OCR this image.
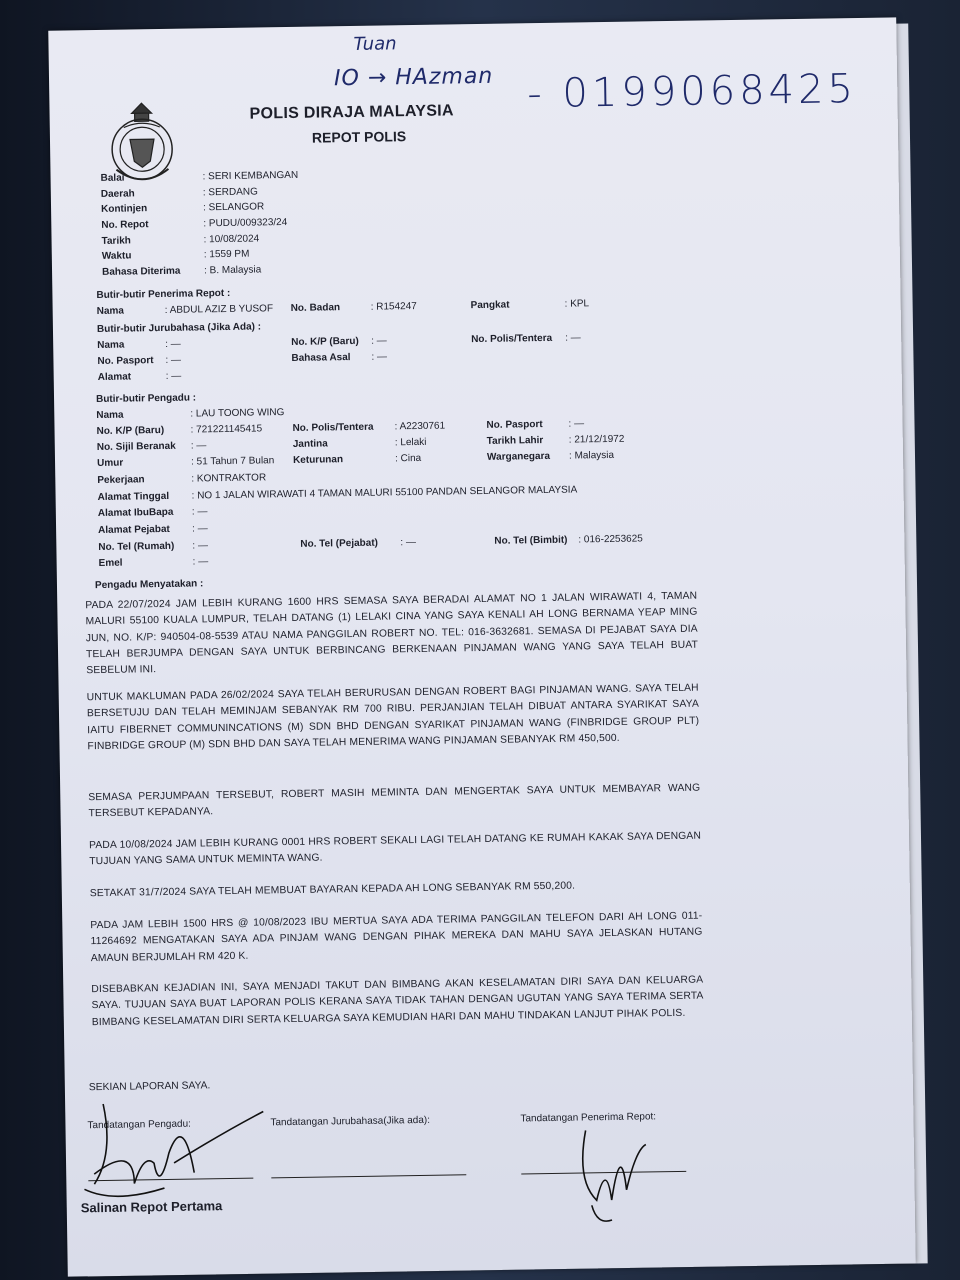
Tuan
IO → HAzman - 0199068425
POLIS DIRAJA MALAYSIA
REPOT POLIS
Balai	: SERI KEMBANGAN
Daerah	: SERDANG
Kontinjen	: SELANGOR
No. Repot	: PUDU/009323/24
Tarikh	: 10/08/2024
Waktu	: 1559 PM
Bahasa Diterima : B. Malaysia
Butir-butir Penerima Repot :
Nama	: ABDUL AZIZ B YUSOF No. Badan	: R154247	Pangkat	: KPL
Butir-butir Jurubahasa (Jika Ada) :
Nama	: —	No. K/P (Baru) : —	No. Polis/Tentera : —
No. Pasport : —	Bahasa Asal : —
Alamat	: —
Butir-butir Pengadu :
Nama	: LAU TOONG WING
No. K/P (Baru)	: 721221145415	No. Polis/Tentera : A2230761	No. Pasport	: —
No. Sijil Beranak : —	Jantina	: Lelaki	Tarikh Lahir	: 21/12/1972
Umur	: 51 Tahun 7 Bulan Keturunan	: Cina	Warganegara : Malaysia
Pekerjaan	: KONTRAKTOR
Alamat Tinggal : NO 1 JALAN WIRAWATI 4 TAMAN MALURI 55100 PANDAN SELANGOR MALAYSIA
Alamat IbuBapa : —
Alamat Pejabat : —
No. Tel (Rumah) : —	No. Tel (Pejabat) : —	No. Tel (Bimbit) : 016-2253625
Emel	: —
Pengadu Menyatakan :

PADA 22/07/2024 JAM LEBIH KURANG 1600 HRS SEMASA SAYA BERADAI ALAMAT NO 1 JALAN WIRAWATI 4, TAMAN MALURI 55100 KUALA LUMPUR, TELAH DATANG (1) LELAKI CINA YANG SAYA KENALI AH LONG BERNAMA YEAP MING JUN, NO. K/P: 940504-08-5539 ATAU NAMA PANGGILAN ROBERT NO. TEL: 016-3632681. SEMASA DI PEJABAT SAYA DIA TELAH BERJUMPA DENGAN SAYA UNTUK BERBINCANG BERKENAAN PINJAMAN WANG YANG SAYA TELAH BUAT SEBELUM INI.

UNTUK MAKLUMAN PADA 26/02/2024 SAYA TELAH BERURUSAN DENGAN ROBERT BAGI PINJAMAN WANG. SAYA TELAH BERSETUJU DAN TELAH MEMINJAM SEBANYAK RM 700 RIBU. PERJANJIAN TELAH DIBUAT ANTARA SYARIKAT SAYA IAITU FIBERNET COMMUNINCATIONS (M) SDN BHD DENGAN SYARIKAT PINJAMAN WANG (FINBRIDGE GROUP PLT) FINBRIDGE GROUP (M) SDN BHD DAN SAYA TELAH MENERIMA WANG PINJAMAN SEBANYAK RM 450,500.

SEMASA PERJUMPAAN TERSEBUT, ROBERT MASIH MEMINTA DAN MENGERTAK SAYA UNTUK MEMBAYAR WANG TERSEBUT KEPADANYA.

PADA 10/08/2024 JAM LEBIH KURANG 0001 HRS ROBERT SEKALI LAGI TELAH DATANG KE RUMAH KAKAK SAYA DENGAN TUJUAN YANG SAMA UNTUK MEMINTA WANG.

SETAKAT 31/7/2024 SAYA TELAH MEMBUAT BAYARAN KEPADA AH LONG SEBANYAK RM 550,200.

PADA JAM LEBIH 1500 HRS @ 10/08/2023 IBU MERTUA SAYA ADA TERIMA PANGGILAN TELEFON DARI AH LONG 011-11264692 MENGATAKAN SAYA ADA PINJAM WANG DENGAN PIHAK MEREKA DAN MAHU SAYA JELASKAN HUTANG AMAUN BERJUMLAH RM 420 K.

DISEBABKAN KEJADIAN INI, SAYA MENJADI TAKUT DAN BIMBANG AKAN KESELAMATAN DIRI SAYA DAN KELUARGA SAYA. TUJUAN SAYA BUAT LAPORAN POLIS KERANA SAYA TIDAK TAHAN DENGAN UGUTAN YANG SAYA TERIMA SERTA BIMBANG KESELAMATAN DIRI SERTA KELUARGA SAYA KEMUDIAN HARI DAN MAHU TINDAKAN LANJUT PIHAK POLIS.

SEKIAN LAPORAN SAYA.
Tandatangan Pengadu:	Tandatangan Jurubahasa(Jika ada):	Tandatangan Penerima Repot:
Salinan Repot Pertama
